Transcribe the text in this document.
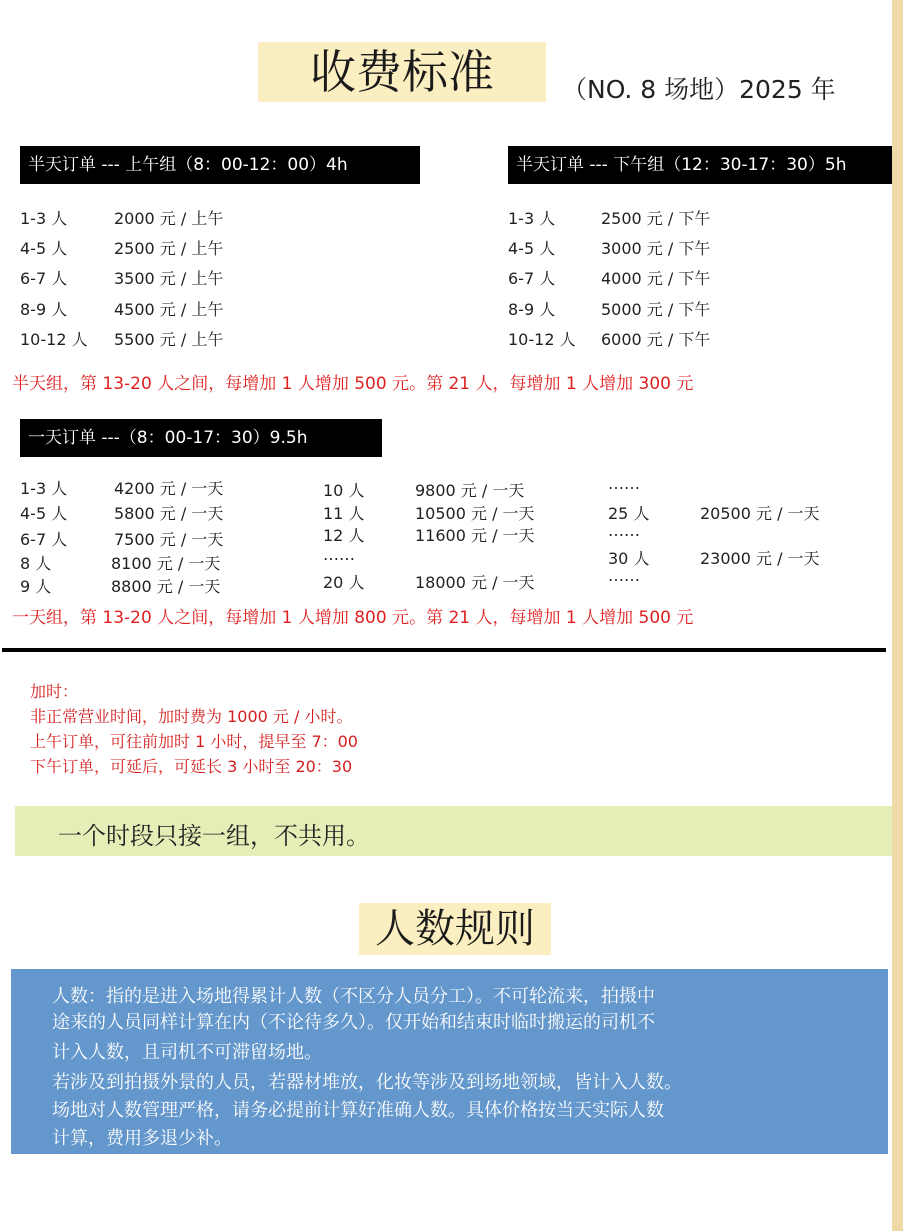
收费标准	（NO. 8 场地）2025 年
半天订单 --- 上午组（8：00-12：00）4h
1-3 人	2000 元 / 上午
4-5 人	2500 元 / 上午
6-7 人	3500 元 / 上午
8-9 人	4500 元 / 上午
10-12 人 5500 元 / 上午
半天订单 --- 下午组（12：30-17：30）5h
1-3 人	2500 元 / 下午
4-5 人	3000 元 / 下午
6-7 人	4000 元 / 下午
8-9 人	5000 元 / 下午
10-12 人 6000 元 / 下午
半天组，第 13-20 人之间，每增加 1 人增加 500 元。第 21 人，每增加 1 人增加 300 元
一天订单 ---（8：00-17：30）9.5h
1-3 人	4200 元 / 一天
4-5 人	5800 元 / 一天
6-7 人	7500 元 / 一天
8 人	8100 元 / 一天
9 人	8800 元 / 一天
10 人	9800 元 / 一天
11 人	10500 元 / 一天
12 人	11600 元 / 一天
……
20 人	18000 元 / 一天
……
25 人	20500 元 / 一天
……
30 人	23000 元 / 一天
……
一天组，第 13-20 人之间，每增加 1 人增加 800 元。第 21 人，每增加 1 人增加 500 元
加时：
非正常营业时间，加时费为 1000 元 / 小时。
上午订单，可往前加时 1 小时，提早至 7：00
下午订单，可延后，可延长 3 小时至 20：30
一个时段只接一组，不共用。
人数规则
人数：指的是进入场地得累计人数（不区分人员分工）。不可轮流来，拍摄中
途来的人员同样计算在内（不论待多久）。仅开始和结束时临时搬运的司机不
计入人数，且司机不可滞留场地。
若涉及到拍摄外景的人员，若器材堆放，化妆等涉及到场地领域，皆计入人数。
场地对人数管理严格，请务必提前计算好准确人数。具体价格按当天实际人数
计算，费用多退少补。
